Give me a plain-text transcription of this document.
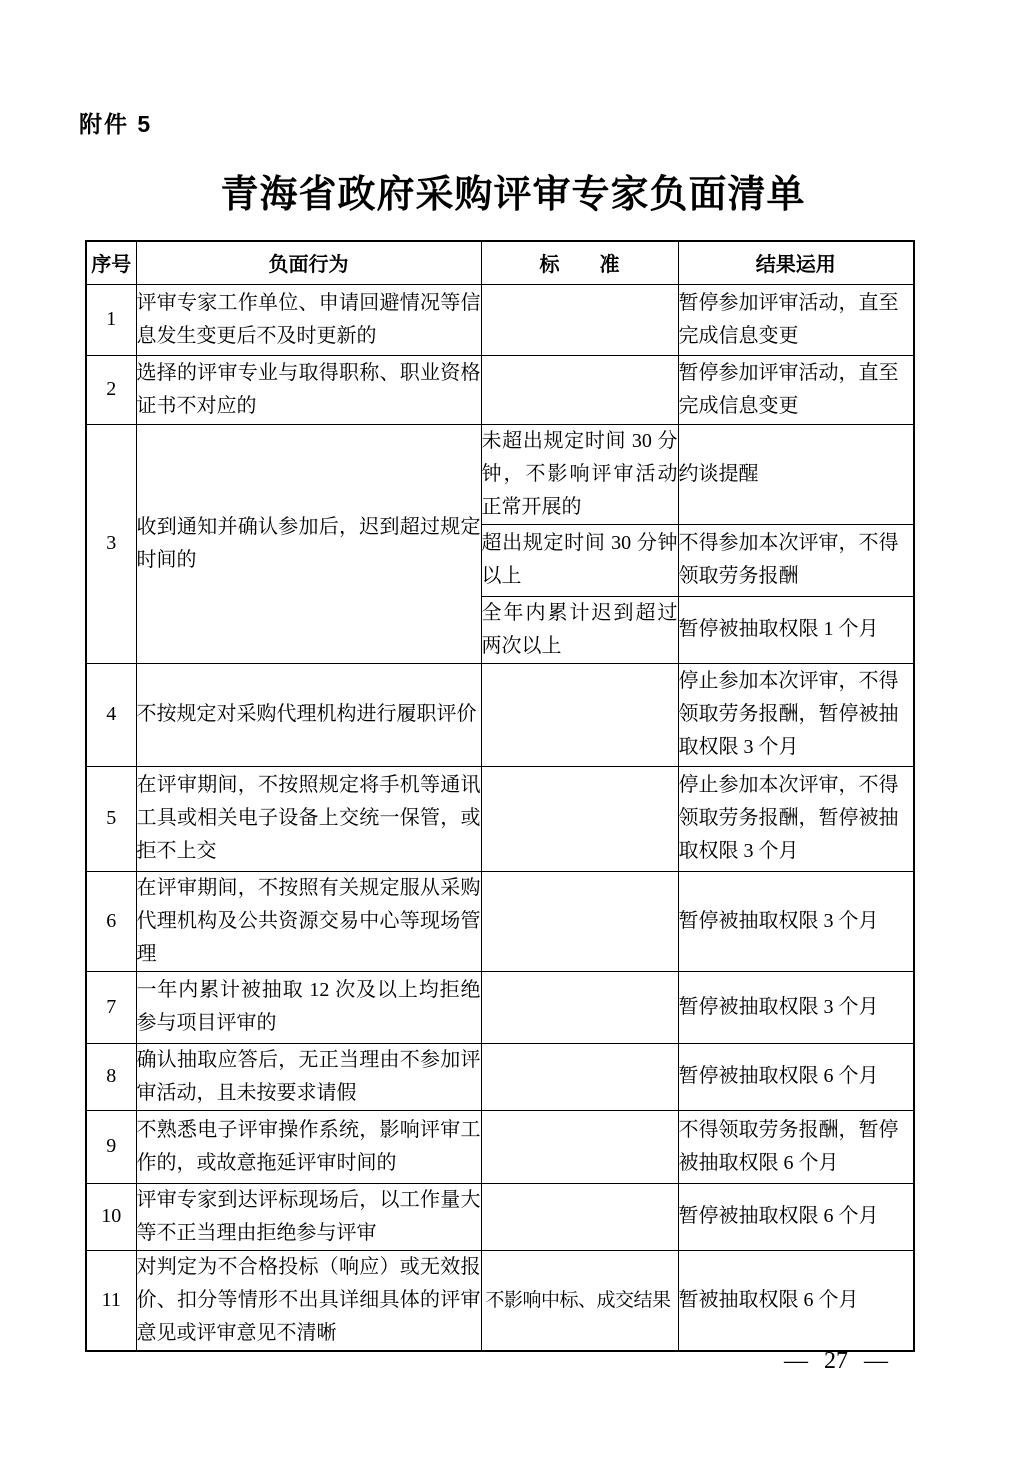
附件 5
青海省政府采购评审专家负面清单
序号	负面行为	标　　准	结果运用
1	评审专家工作单位、申请回避情况等信息发生变更后不及时更新的		暂停参加评审活动，直至完成信息变更
2	选择的评审专业与取得职称、职业资格证书不对应的		暂停参加评审活动，直至完成信息变更
3	收到通知并确认参加后，迟到超过规定时间的	未超出规定时间 30 分钟，不影响评审活动正常开展的	约谈提醒
		超出规定时间 30 分钟以上	不得参加本次评审，不得领取劳务报酬
		全年内累计迟到超过两次以上	暂停被抽取权限 1 个月
4	不按规定对采购代理机构进行履职评价		停止参加本次评审，不得领取劳务报酬，暂停被抽取权限 3 个月
5	在评审期间，不按照规定将手机等通讯工具或相关电子设备上交统一保管，或拒不上交		停止参加本次评审，不得领取劳务报酬，暂停被抽取权限 3 个月
6	在评审期间，不按照有关规定服从采购代理机构及公共资源交易中心等现场管理		暂停被抽取权限 3 个月
7	一年内累计被抽取 12 次及以上均拒绝参与项目评审的		暂停被抽取权限 3 个月
8	确认抽取应答后，无正当理由不参加评审活动，且未按要求请假		暂停被抽取权限 6 个月
9	不熟悉电子评审操作系统，影响评审工作的，或故意拖延评审时间的		不得领取劳务报酬，暂停被抽取权限 6 个月
10	评审专家到达评标现场后，以工作量大等不正当理由拒绝参与评审		暂停被抽取权限 6 个月
11	对判定为不合格投标（响应）或无效报价、扣分等情形不出具详细具体的评审意见或评审意见不清晰	不影响中标、成交结果	暂被抽取权限 6 个月
— 27 —
